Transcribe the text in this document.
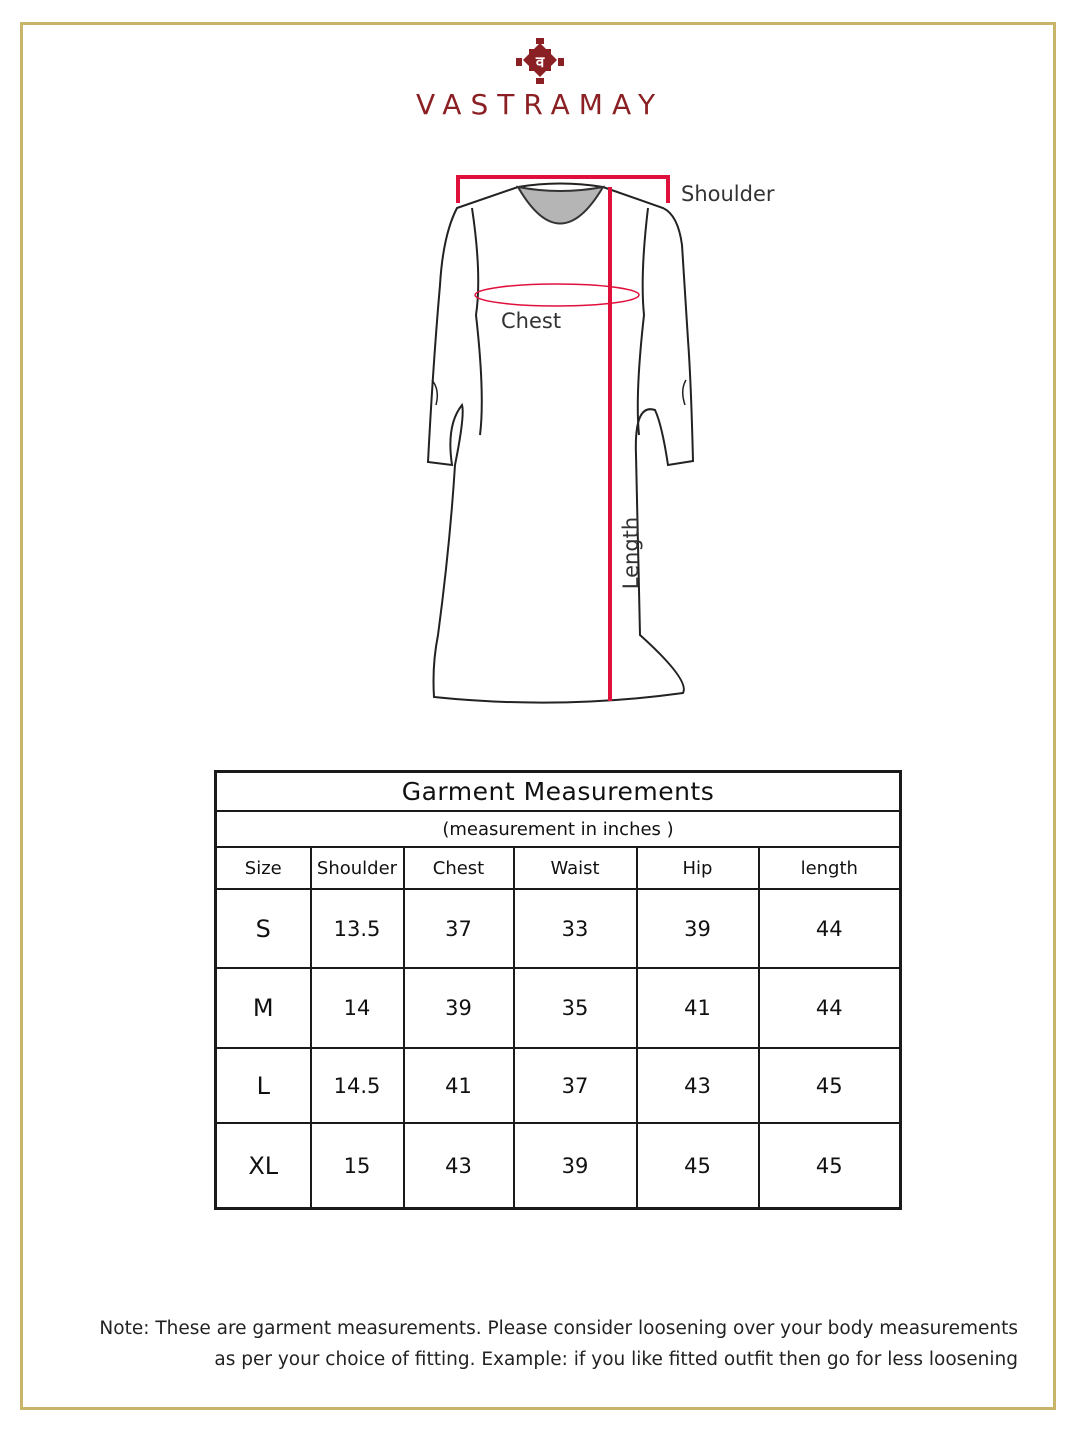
व
VASTRAMAY
Shoulder
Chest
Length
Garment Measurements					
(measurement in inches )					
Size	Shoulder	Chest	Waist	Hip	length
S	13.5	37	33	39	44
M	14	39	35	41	44
L	14.5	41	37	43	45
XL	15	43	39	45	45
Note: These are garment measurements. Please consider loosening over your body measurements
as per your choice of fitting. Example: if you like fitted outfit then go for less loosening
